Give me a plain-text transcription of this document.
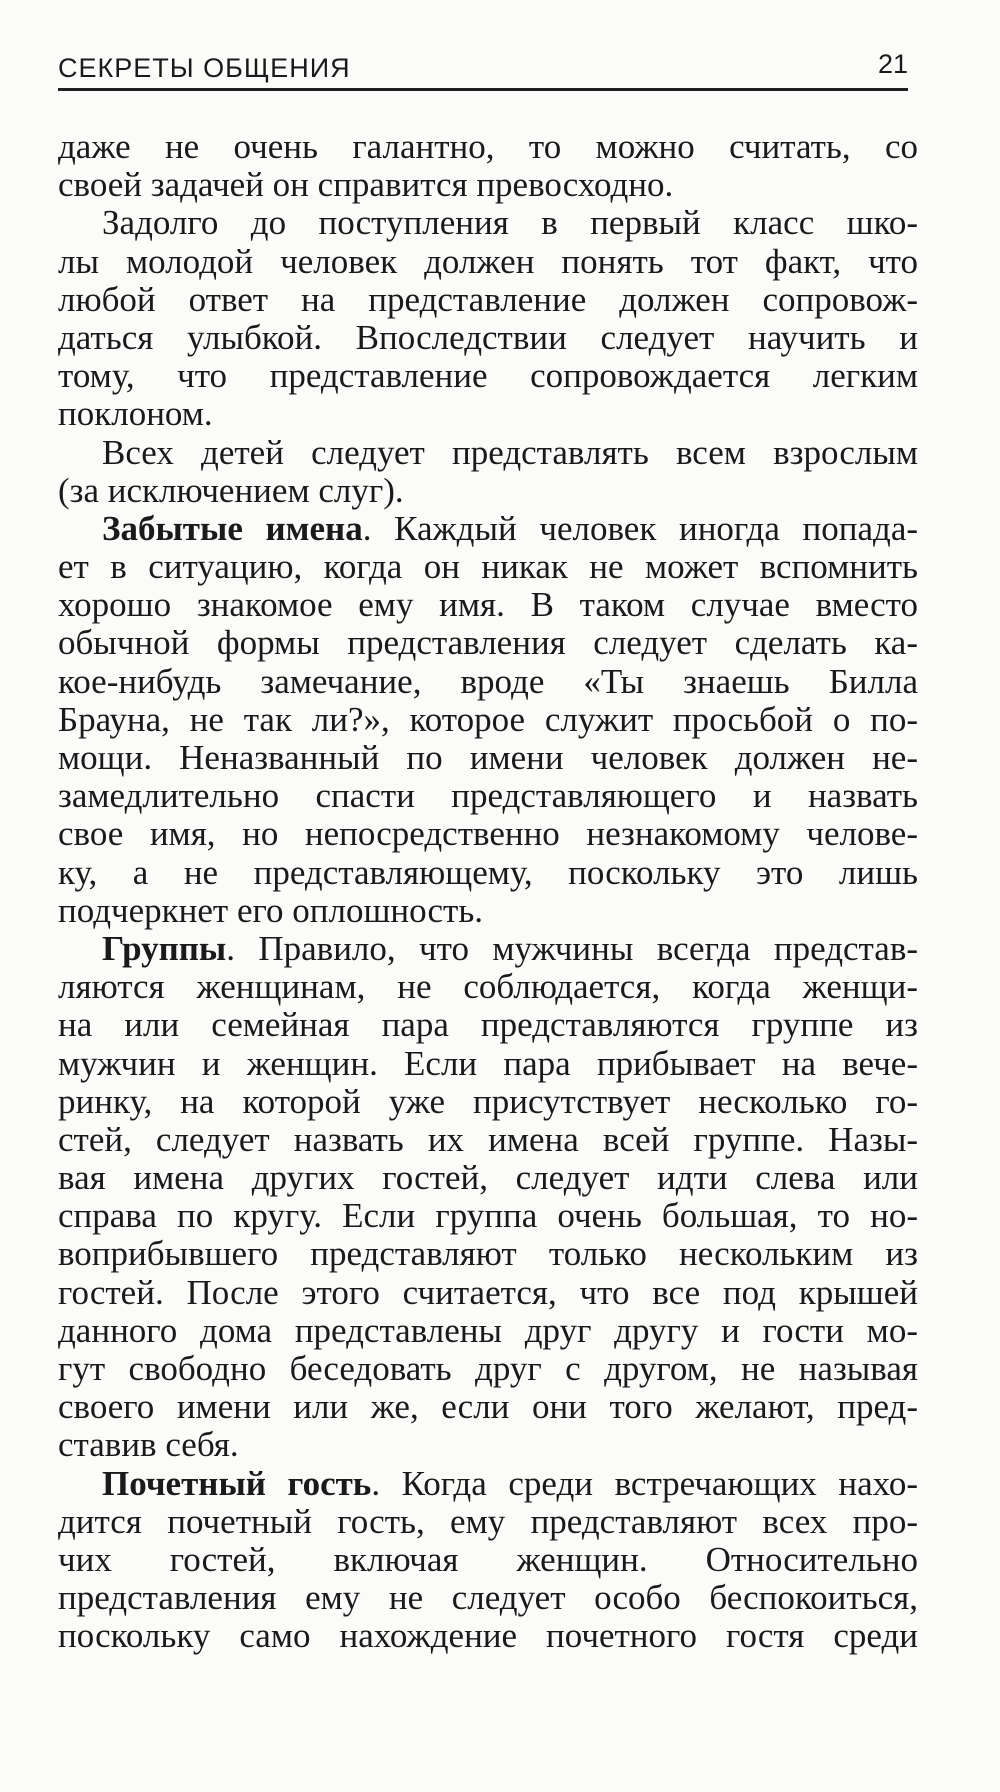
СЕКРЕТЫ ОБЩЕНИЯ	21
даже не очень галантно, то можно считать, со
своей задачей он справится превосходно.
Задолго до поступления в первый класс шко-
лы молодой человек должен понять тот факт, что
любой ответ на представление должен сопровож-
даться улыбкой. Впоследствии следует научить и
тому, что представление сопровождается легким
поклоном.
Всех детей следует представлять всем взрослым
(за исключением слуг).
Забытые имена. Каждый человек иногда попада-
ет в ситуацию, когда он никак не может вспомнить
хорошо знакомое ему имя. В таком случае вместо
обычной формы представления следует сделать ка-
кое-нибудь замечание, вроде «Ты знаешь Билла
Брауна, не так ли?», которое служит просьбой о по-
мощи. Неназванный по имени человек должен не-
замедлительно спасти представляющего и назвать
свое имя, но непосредственно незнакомому челове-
ку, а не представляющему, поскольку это лишь
подчеркнет его оплошность.
Группы. Правило, что мужчины всегда представ-
ляются женщинам, не соблюдается, когда женщи-
на или семейная пара представляются группе из
мужчин и женщин. Если пара прибывает на вече-
ринку, на которой уже присутствует несколько го-
стей, следует назвать их имена всей группе. Назы-
вая имена других гостей, следует идти слева или
справа по кругу. Если группа очень большая, то но-
воприбывшего представляют только нескольким из
гостей. После этого считается, что все под крышей
данного дома представлены друг другу и гости мо-
гут свободно беседовать друг с другом, не называя
своего имени или же, если они того желают, пред-
ставив себя.
Почетный гость. Когда среди встречающих нахо-
дится почетный гость, ему представляют всех про-
чих гостей, включая женщин. Относительно
представления ему не следует особо беспокоиться,
поскольку само нахождение почетного гостя среди
